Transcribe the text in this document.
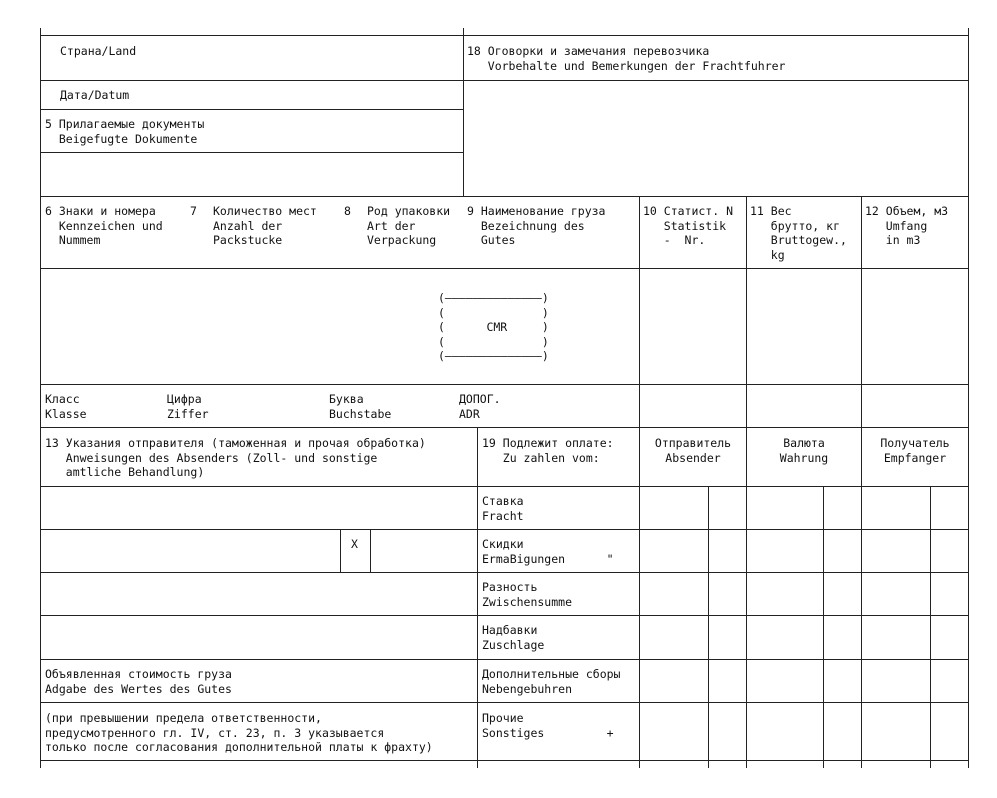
Страна/Land	18 Оговорки и замечания перевозчика
Vorbehalte und Bemerkungen der Frachtfuhrer
Дата/Datum
5 Прилагаемые документы
Beigefugte Dokumente
6 Знаки и номера
Kennzeichen und
Nummem
7 Количество мест
Anzahl der
Packstucke
8 Род упаковки
Art der
Verpackung
9 Наименование груза
Bezeichnung des
Gutes
10 Статист. N
Statistik
-  Nr.
11 Вес
брутто, кг
Bruttogew.,
kg
12 Объем, м3
Umfang
in m3
(——————————————)
(              )
(      CMR     )
(              )
(——————————————)
Класс
Klasse
Цифра
Ziffer
Буква
Buchstabe
ДОПОГ.
ADR
13 Указания отправителя (таможенная и прочая обработка)
Anweisungen des Absenders (Zoll- und sonstige
amtliche Behandlung)
19 Подлежит оплате:
Zu zahlen vom:
Отправитель
Absender
Валюта
Wahrung
Получатель
Empfanger
X
Ставка
Fracht
Скидки
ErmaBigungen      "
Разность
Zwischensumme
Надбавки
Zuschlage
Дополнительные сборы
Nebengebuhren
Объявленная стоимость груза
Adgabe des Wertes des Gutes
Прочие
Sonstiges         +
(при превышении предела ответственности,
предусмотренного гл. IV, ст. 23, п. 3 указывается
только после согласования дополнительной платы к фрахту)
